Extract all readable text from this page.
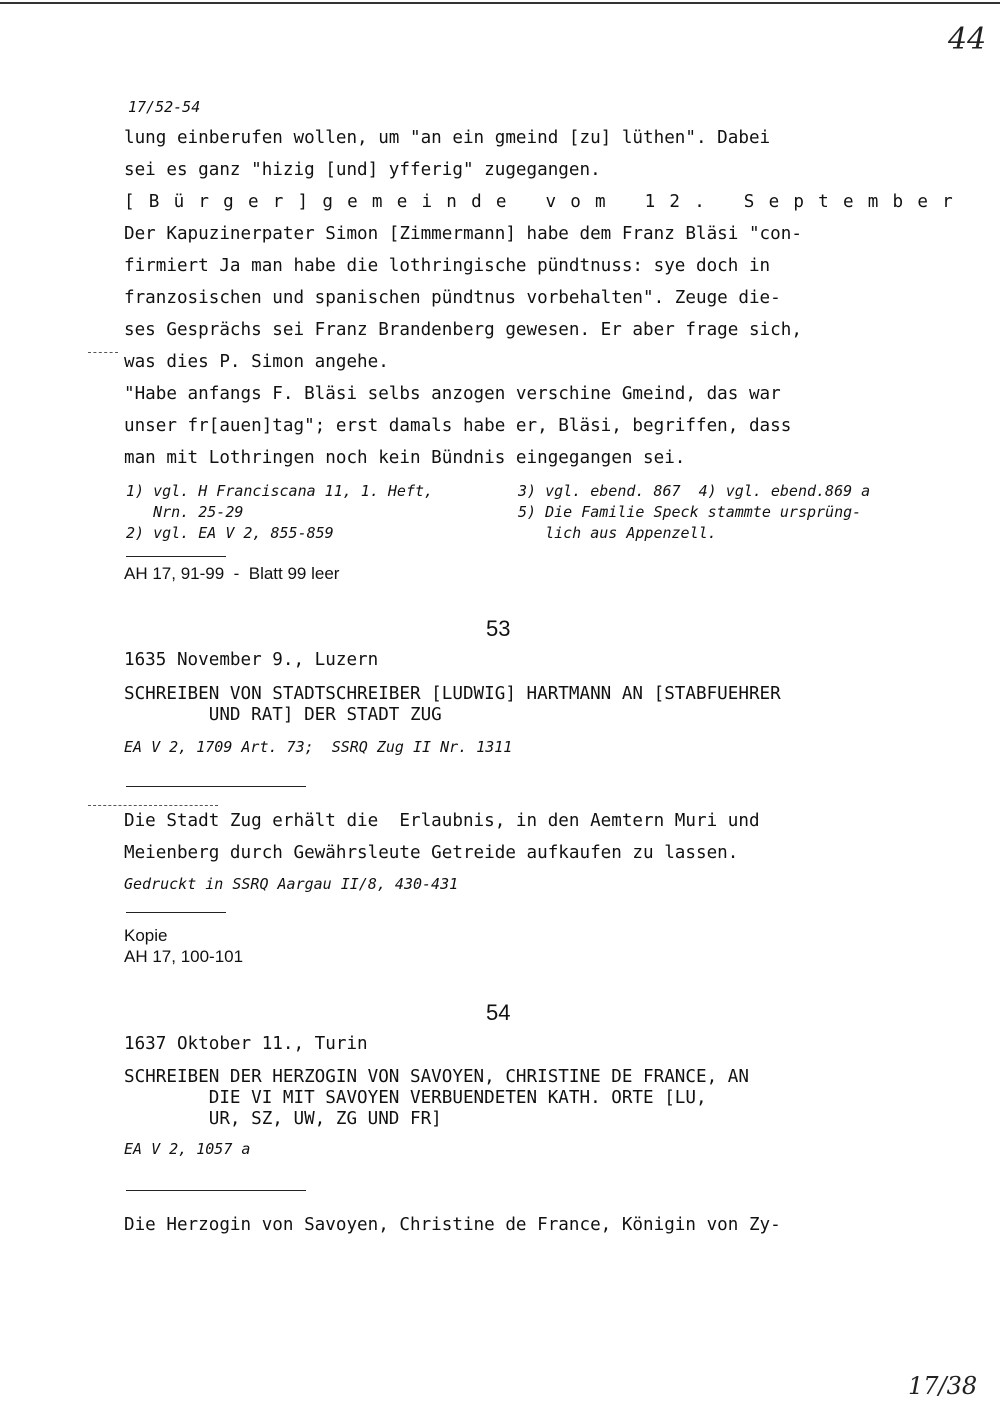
44
17/52-54
lung einberufen wollen, um "an ein gmeind [zu] lüthen". Dabei
sei es ganz "hizig [und] yfferig" zugegangen.
[Bürger]gemeinde vom 12. September
Der Kapuzinerpater Simon [Zimmermann] habe dem Franz Bläsi "con-
firmiert Ja man habe die lothringische pündtnuss: sye doch in
franzosischen und spanischen pündtnus vorbehalten". Zeuge die-
ses Gesprächs sei Franz Brandenberg gewesen. Er aber frage sich,
was dies P. Simon angehe.
"Habe anfangs F. Bläsi selbs anzogen verschine Gmeind, das war
unser fr[auen]tag"; erst damals habe er, Bläsi, begriffen, dass
man mit Lothringen noch kein Bündnis eingegangen sei.
1) vgl. H Franciscana 11, 1. Heft,
Nrn. 25-29
2) vgl. EA V 2, 855-859
3) vgl. ebend. 867  4) vgl. ebend.869 a
5) Die Familie Speck stammte ursprüng-
lich aus Appenzell.
AH 17, 91-99  -  Blatt 99 leer
53
1635 November 9., Luzern
SCHREIBEN VON STADTSCHREIBER [LUDWIG] HARTMANN AN [STABFUEHRER
UND RAT] DER STADT ZUG
EA V 2, 1709 Art. 73;  SSRQ Zug II Nr. 1311
Die Stadt Zug erhält die  Erlaubnis, in den Aemtern Muri und
Meienberg durch Gewährsleute Getreide aufkaufen zu lassen.
Gedruckt in SSRQ Aargau II/8, 430-431
Kopie
AH 17, 100-101
54
1637 Oktober 11., Turin
SCHREIBEN DER HERZOGIN VON SAVOYEN, CHRISTINE DE FRANCE, AN
DIE VI MIT SAVOYEN VERBUENDETEN KATH. ORTE [LU,
UR, SZ, UW, ZG UND FR]
EA V 2, 1057 a
Die Herzogin von Savoyen, Christine de France, Königin von Zy-
17/38
